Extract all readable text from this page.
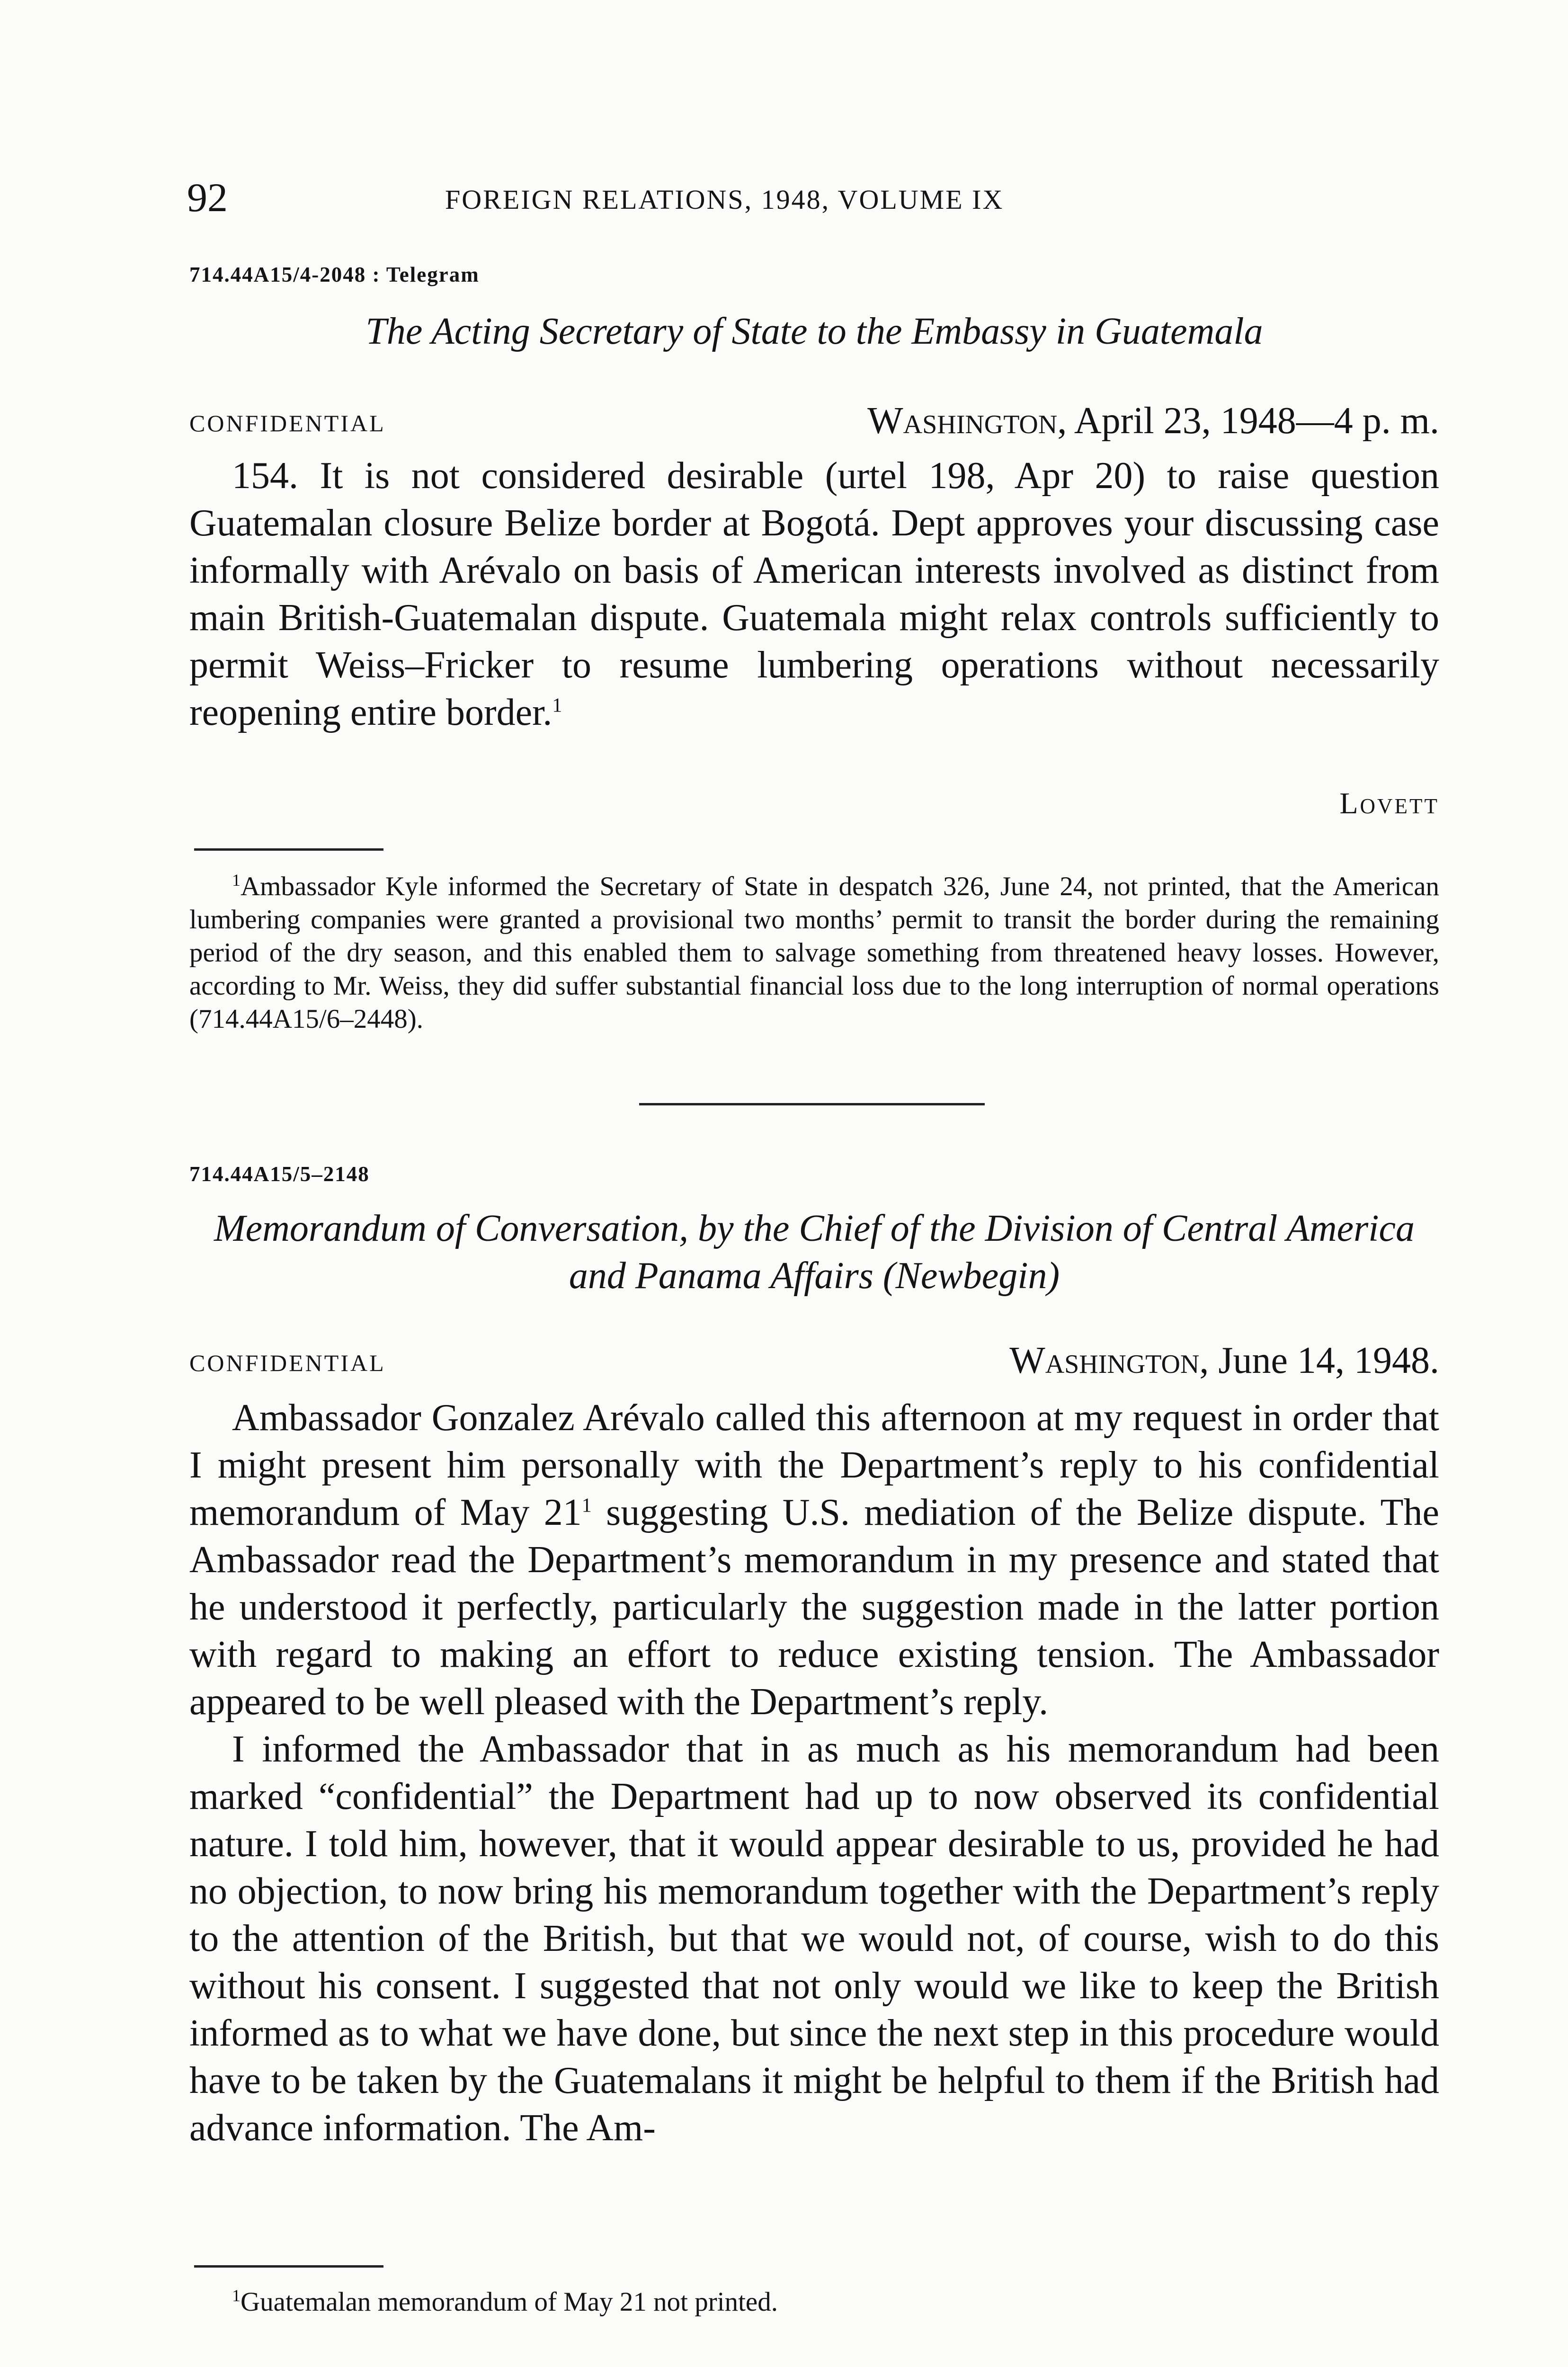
92	FOREIGN RELATIONS, 1948, VOLUME IX
714.44A15/4-2048 : Telegram
The Acting Secretary of State to the Embassy in Guatemala
CONFIDENTIAL	Washington, April 23, 1948—4 p. m.

154. It is not considered desirable (urtel 198, Apr 20) to raise question Guatemalan closure Belize border at Bogotá. Dept approves your discussing case informally with Arévalo on basis of American interests involved as distinct from main British-Guatemalan dispute. Guatemala might relax controls sufficiently to permit Weiss–Fricker to resume lumbering operations without necessarily reopening entire border.$^1$

Lovett

$^1$Ambassador Kyle informed the Secretary of State in despatch 326, June 24, not printed, that the American lumbering companies were granted a provisional two months’ permit to transit the border during the remaining period of the dry season, and this enabled them to salvage something from threatened heavy losses. However, according to Mr. Weiss, they did suffer substantial financial loss due to the long interruption of normal operations (714.44A15/6–2448).

714.44A15/5–2148
Memorandum of Conversation, by the Chief of the Division of Central America and Panama Affairs (Newbegin)
CONFIDENTIAL	Washington, June 14, 1948.

Ambassador Gonzalez Arévalo called this afternoon at my request in order that I might present him personally with the Department’s reply to his confidential memorandum of May $21^1$ suggesting U.S. mediation of the Belize dispute. The Ambassador read the Department’s memorandum in my presence and stated that he understood it perfectly, particularly the suggestion made in the latter portion with regard to making an effort to reduce existing tension. The Ambassador appeared to be well pleased with the Department’s reply.

I informed the Ambassador that in as much as his memorandum had been marked “confidential” the Department had up to now observed its confidential nature. I told him, however, that it would appear desirable to us, provided he had no objection, to now bring his memorandum together with the Department’s reply to the attention of the British, but that we would not, of course, wish to do this without his consent. I suggested that not only would we like to keep the British informed as to what we have done, but since the next step in this procedure would have to be taken by the Guatemalans it might be helpful to them if the British had advance information. The Am-

$^1$Guatemalan memorandum of May 21 not printed.
